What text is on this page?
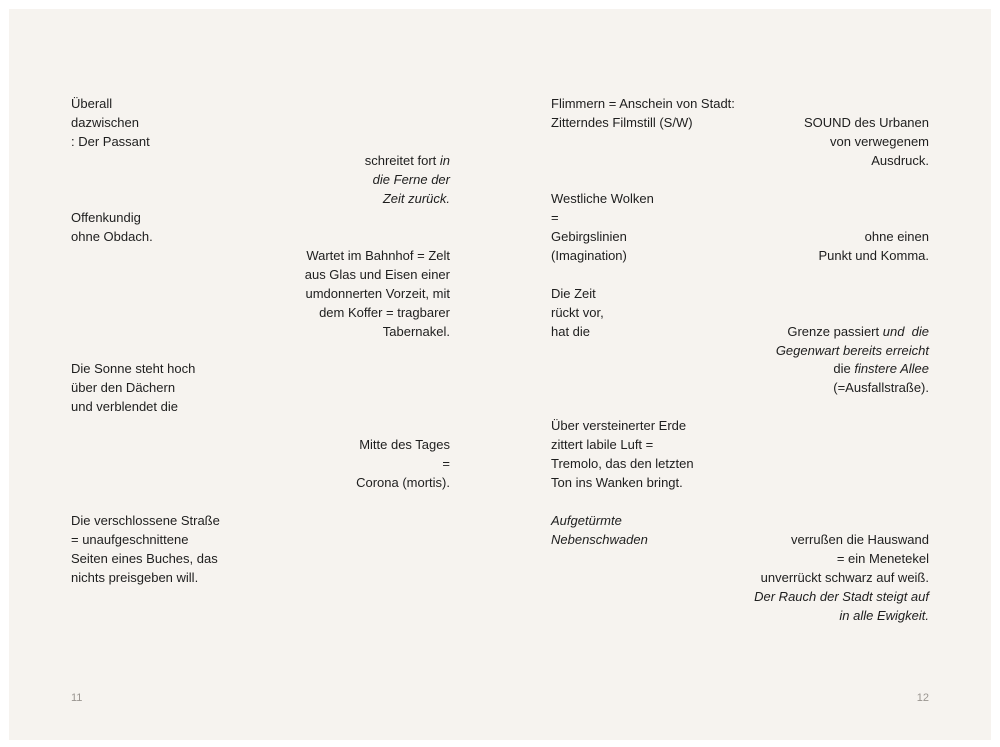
Überall
dazwischen
: Der Passant
schreitet fort in
die Ferne der
Zeit zurück.
Offenkundig
ohne Obdach.
Wartet im Bahnhof = Zelt
aus Glas und Eisen einer
umdonnerten Vorzeit, mit
dem Koffer = tragbarer
Tabernakel.
Die Sonne steht hoch
über den Dächern
und verblendet die
Mitte des Tages
=
Corona (mortis).
Die verschlossene Straße
= unaufgeschnittene
Seiten eines Buches, das
nichts preisgeben will.
11
Flimmern = Anschein von Stadt:
Zitterndes Filmstill (S/W)	SOUND des Urbanen
von verwegenem
Ausdruck.
Westliche Wolken
=
Gebirgslinien
(Imagination)
ohne einen
Punkt und Komma.
Die Zeit
rückt vor,
hat die	Grenze passiert und  die
Gegenwart bereits erreicht
die finstere Allee
(=Ausfallstraße).
Über versteinerter Erde
zittert labile Luft =
Tremolo, das den letzten
Ton ins Wanken bringt.
Aufgetürmte
Nebenschwaden	verrußen die Hauswand
= ein Menetekel
unverrückt schwarz auf weiß.
Der Rauch der Stadt steigt auf
in alle Ewigkeit.
12
